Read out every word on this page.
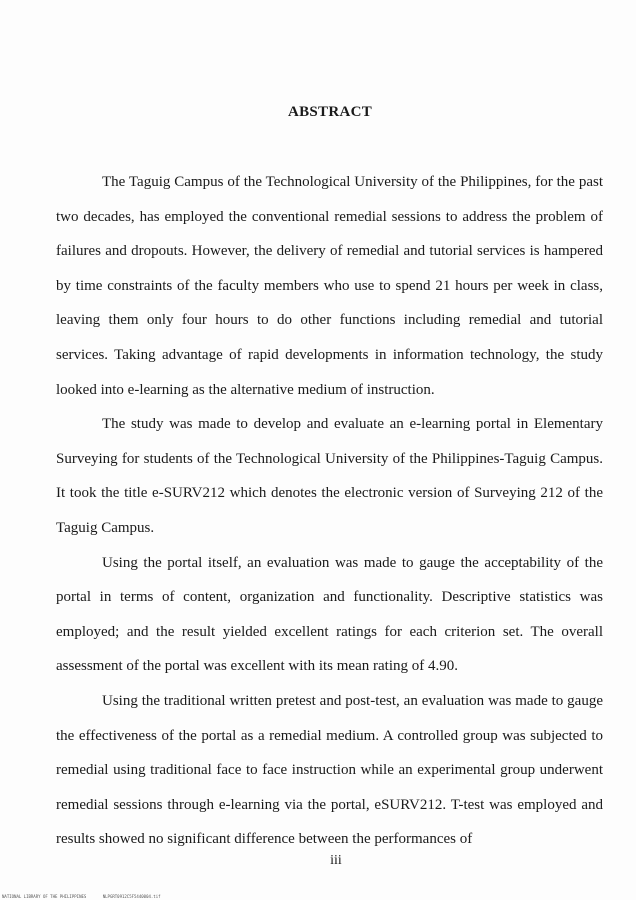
ABSTRACT

The Taguig Campus of the Technological University of the Philippines, for the past two decades, has employed the conventional remedial sessions to address the problem of failures and dropouts. However, the delivery of remedial and tutorial services is hampered by time constraints of the faculty members who use to spend 21 hours per week in class, leaving them only four hours to do other functions including remedial and tutorial services. Taking advantage of rapid developments in information technology, the study looked into e-learning as the alternative medium of instruction.

The study was made to develop and evaluate an e-learning portal in Elementary Surveying for students of the Technological University of the Philippines-Taguig Campus. It took the title e-SURV212 which denotes the electronic version of Surveying 212 of the Taguig Campus.

Using the portal itself, an evaluation was made to gauge the acceptability of the portal in terms of content, organization and functionality. Descriptive statistics was employed; and the result yielded excellent ratings for each criterion set. The overall assessment of the portal was excellent with its mean rating of 4.90.

Using the traditional written pretest and post-test, an evaluation was made to gauge the effectiveness of the portal as a remedial medium. A controlled group was subjected to remedial using traditional face to face instruction while an experimental group underwent remedial sessions through e-learning via the portal, eSURV212. T-test was employed and results showed no significant difference between the performances of

iii
NATIONAL LIBRARY OF THE PHILIPPINES	NLPGRT0912C5F5440004.tif
